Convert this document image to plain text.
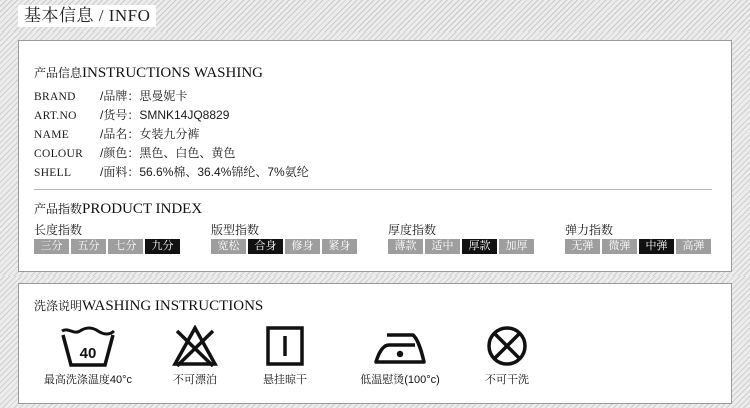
基本信息 / INFO
产品信息INSTRUCTIONS WASHING
BRAND /品牌：思曼妮卡
ART.NO /货号：SMNK14JQ8829
NAME	/品名：女装九分裤
COLOUR /颜色：黑色、白色、黄色
SHELL /面料：56.6%棉、36.4%锦纶、7%氨纶
产品指数PRODUCT INDEX
长度指数
三分	五分	七分	九分
版型指数
宽松	合身	修身	紧身
厚度指数
薄款	适中	厚款	加厚
弹力指数
无弹	微弹	中弹	高弹
洗涤说明WASHING INSTRUCTIONS
40
最高洗涤温度40°c	不可漂泊	悬挂晾干	低温慰烫(100°c)	不可干洗
